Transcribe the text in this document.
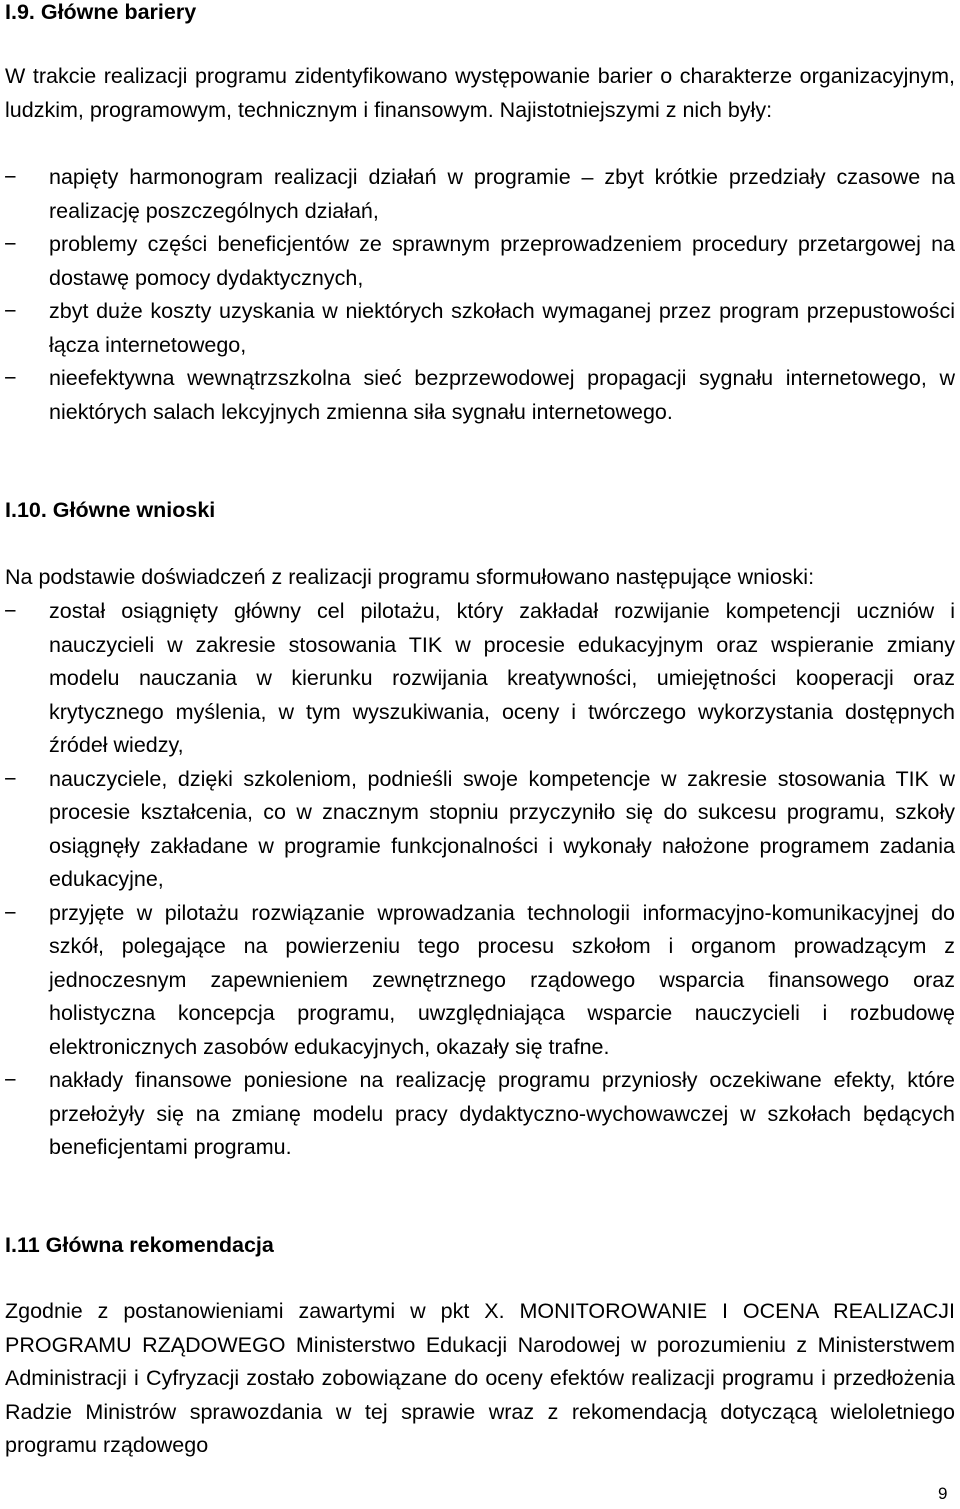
I.9. Główne bariery

W trakcie realizacji programu zidentyfikowano występowanie barier o charakterze organizacyjnym, ludzkim, programowym, technicznym i finansowym. Najistotniejszymi z nich były:

−	napięty harmonogram realizacji działań w programie – zbyt krótkie przedziały czasowe na realizację poszczególnych działań,
−	problemy części beneficjentów ze sprawnym przeprowadzeniem procedury przetargowej na dostawę pomocy dydaktycznych,
−	zbyt duże koszty uzyskania w niektórych szkołach wymaganej przez program przepustowości łącza internetowego,
−	nieefektywna wewnątrzszkolna sieć bezprzewodowej propagacji sygnału internetowego, w niektórych salach lekcyjnych zmienna siła sygnału internetowego.
I.10. Główne wnioski

Na podstawie doświadczeń z realizacji programu sformułowano następujące wnioski:

−	został osiągnięty główny cel pilotażu, który zakładał rozwijanie kompetencji uczniów i nauczycieli w zakresie stosowania TIK w procesie edukacyjnym oraz wspieranie zmiany modelu nauczania w kierunku rozwijania kreatywności, umiejętności kooperacji oraz krytycznego myślenia, w tym wyszukiwania, oceny i twórczego wykorzystania dostępnych źródeł wiedzy,
−	nauczyciele, dzięki szkoleniom, podnieśli swoje kompetencje w zakresie stosowania TIK w procesie kształcenia, co w znacznym stopniu przyczyniło się do sukcesu programu, szkoły osiągnęły zakładane w programie funkcjonalności i wykonały nałożone programem zadania edukacyjne,
−	przyjęte w pilotażu rozwiązanie wprowadzania technologii informacyjno-komunikacyjnej do szkół, polegające na powierzeniu tego procesu szkołom i organom prowadzącym z jednoczesnym zapewnieniem zewnętrznego rządowego wsparcia finansowego oraz holistyczna koncepcja programu, uwzględniająca wsparcie nauczycieli i rozbudowę elektronicznych zasobów edukacyjnych, okazały się trafne.
−	nakłady finansowe poniesione na realizację programu przyniosły oczekiwane efekty, które przełożyły się na zmianę modelu pracy dydaktyczno-wychowawczej w szkołach będących beneficjentami programu.
I.11 Główna rekomendacja

Zgodnie z postanowieniami zawartymi w pkt X. MONITOROWANIE I OCENA REALIZACJI PROGRAMU RZĄDOWEGO Ministerstwo Edukacji Narodowej w porozumieniu z Ministerstwem Administracji i Cyfryzacji zostało zobowiązane do oceny efektów realizacji programu i przedłożenia Radzie Ministrów sprawozdania w tej sprawie wraz z rekomendacją dotyczącą wieloletniego programu rządowego

9
